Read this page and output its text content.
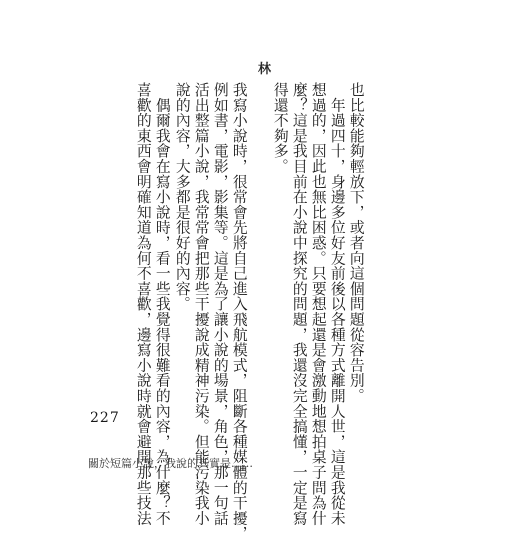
也比較能夠輕放下，或者向這個問題從容告別。
　年過四十，身邊多位好友前後以各種方式離開人世，這是我從未
想過的，因此也無比困惑。只要想起還是會激動地想拍桌子問為什
麼？這是我目前在小說中探究的問題，我還沒完全搞懂，一定是寫
得還不夠多。
林
我寫小說時，很常會先將自己進入飛航模式，阻斷各種媒體的干擾，
例如書，電影，影集等。這是為了讓小說的場景，角色，那一句話
活出整篇小說，我常常會把那些干擾說成精神污染。但能污染我小
說的內容，大多都是很好的內容。
　偶爾我會在寫小說時，看一些我覺得很難看的內容，為什麼？不
喜歡的東西會明確知道為何不喜歡，邊寫小說時就會避開那些技法
227
關於短篇小說，我說的其實是……
